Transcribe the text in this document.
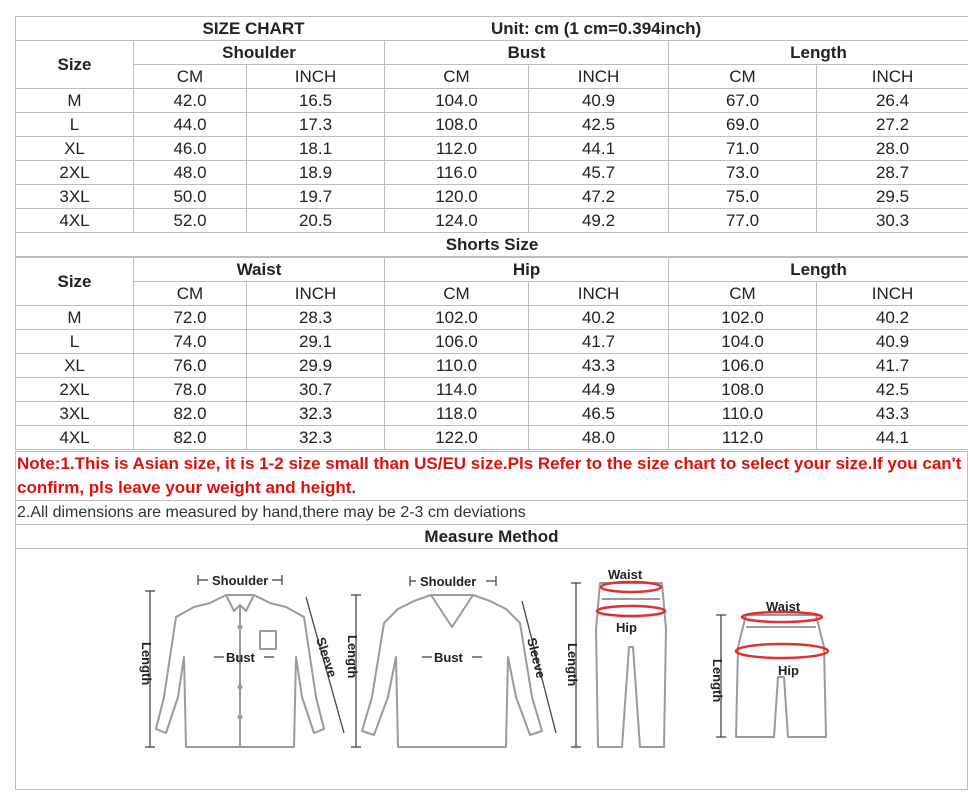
SIZE CHART Unit: cm (1 cm=0.394inch)						
Size	Shoulder		Bust		Length	
	CM	INCH	CM	INCH	CM	INCH
M	42.0	16.5	104.0	40.9	67.0	26.4
L	44.0	17.3	108.0	42.5	69.0	27.2
XL	46.0	18.1	112.0	44.1	71.0	28.0
2XL	48.0	18.9	116.0	45.7	73.0	28.7
3XL	50.0	19.7	120.0	47.2	75.0	29.5
4XL	52.0	20.5	124.0	49.2	77.0	30.3
Shorts Size						
Size	Waist		Hip		Length	
	CM	INCH	CM	INCH	CM	INCH
M	72.0	28.3	102.0	40.2	102.0	40.2
L	74.0	29.1	106.0	41.7	104.0	40.9
XL	76.0	29.9	110.0	43.3	106.0	41.7
2XL	78.0	30.7	114.0	44.9	108.0	42.5
3XL	82.0	32.3	118.0	46.5	110.0	43.3
4XL	82.0	32.3	122.0	48.0	112.0	44.1
Note:1.This is Asian size, it is 1-2 size small than US/EU size.Pls Refer to the size chart to select your size.If you can't confirm, pls leave your weight and height.
2.All dimensions are measured by hand,there may be 2-3 cm deviations
Measure Method
Shoulder
Bust
Length	Sleeve
Shoulder
Bust
Length	Sleeve
Waist
Hip
Length
Waist
Hip
Length
